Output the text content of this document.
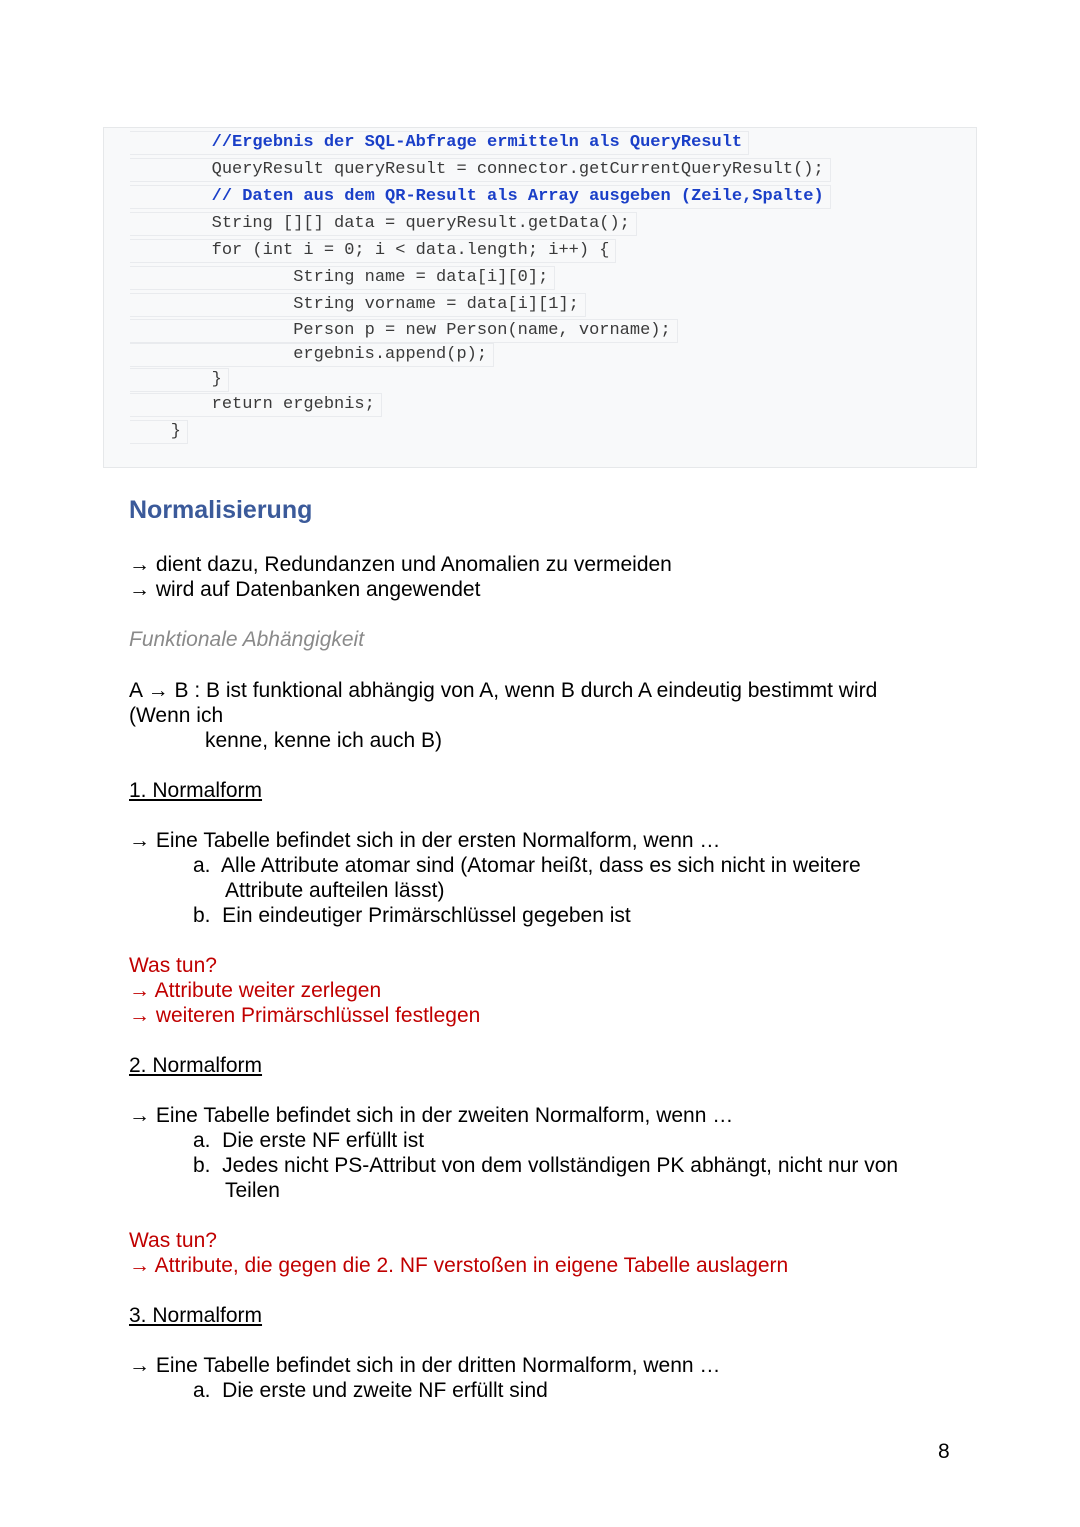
//Ergebnis der SQL-Abfrage ermitteln als QueryResult
QueryResult queryResult = connector.getCurrentQueryResult();
// Daten aus dem QR-Result als Array ausgeben (Zeile,Spalte)
String [][] data = queryResult.getData();
for (int i = 0; i < data.length; i++) {
String name = data[i][0];
String vorname = data[i][1];
Person p = new Person(name, vorname);
ergebnis.append(p);
}
return ergebnis;
}
Normalisierung
→ dient dazu, Redundanzen und Anomalien zu vermeiden
→ wird auf Datenbanken angewendet
Funktionale Abhängigkeit
A → B : B ist funktional abhängig von A, wenn B durch A eindeutig bestimmt wird
(Wenn ich
kenne, kenne ich auch B)
1. Normalform
→ Eine Tabelle befindet sich in der ersten Normalform, wenn …
a.  Alle Attribute atomar sind (Atomar heißt, dass es sich nicht in weitere
Attribute aufteilen lässt)
b.  Ein eindeutiger Primärschlüssel gegeben ist
Was tun?
→ Attribute weiter zerlegen
→ weiteren Primärschlüssel festlegen
2. Normalform
→ Eine Tabelle befindet sich in der zweiten Normalform, wenn …
a.  Die erste NF erfüllt ist
b.  Jedes nicht PS-Attribut von dem vollständigen PK abhängt, nicht nur von
Teilen
Was tun?
→ Attribute, die gegen die 2. NF verstoßen in eigene Tabelle auslagern
3. Normalform
→ Eine Tabelle befindet sich in der dritten Normalform, wenn …
a.  Die erste und zweite NF erfüllt sind
8
